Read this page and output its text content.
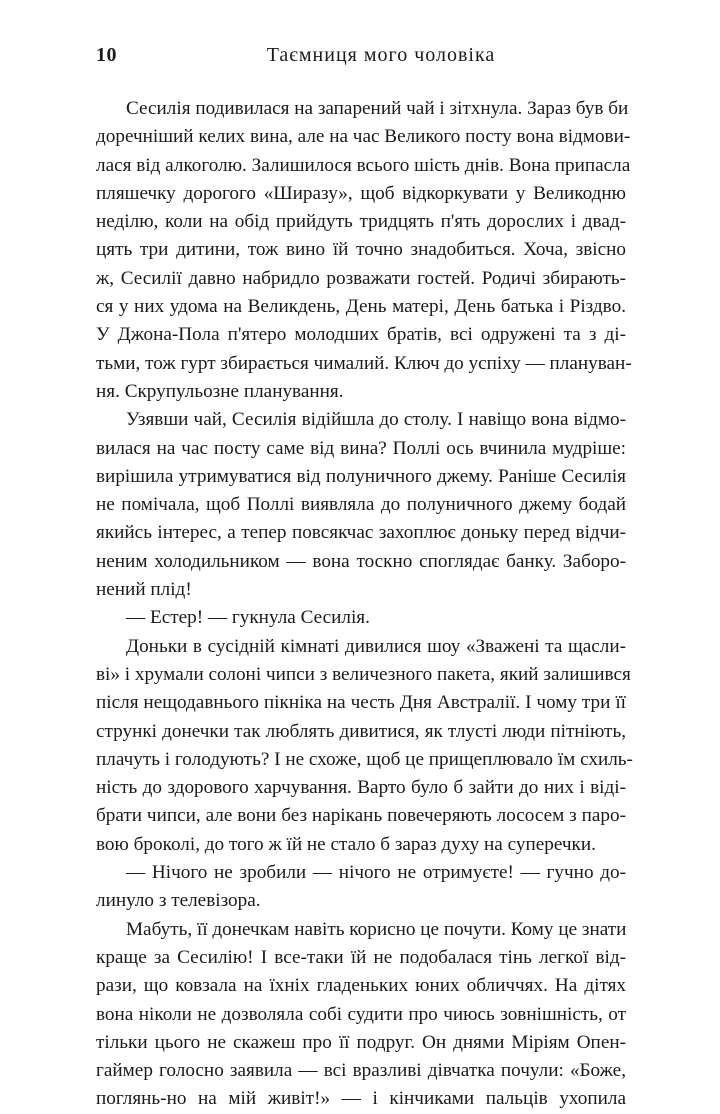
10	Таємниця мого чоловіка
Сесилія подивилася на запарений чай і зітхнула. Зараз був би
доречніший келих вина, але на час Великого посту вона відмови-
лася від алкоголю. Залишилося всього шість днів. Вона припасла
пляшечку дорогого «Ширазу», щоб відкоркувати у Великодню
неділю, коли на обід прийдуть тридцять п'ять дорослих і двад-
цять три дитини, тож вино їй точно знадобиться. Хоча, звісно
ж, Сесилії давно набридло розважати гостей. Родичі збирають-
ся у них удома на Великдень, День матері, День батька і Різдво.
У Джона-Пола п'ятеро молодших братів, всі одружені та з ді-
тьми, тож гурт збирається чималий. Ключ до успіху — плануван-
ня. Скрупульозне планування.
Узявши чай, Сесилія відійшла до столу. І навіщо вона відмо-
вилася на час посту саме від вина? Поллі ось вчинила мудріше:
вирішила утримуватися від полуничного джему. Раніше Сесилія
не помічала, щоб Поллі виявляла до полуничного джему бодай
якийсь інтерес, а тепер повсякчас захоплює доньку перед відчи-
неним холодильником — вона тоскно споглядає банку. Заборо-
нений плід!
— Естер! — гукнула Сесилія.
Доньки в сусідній кімнаті дивилися шоу «Зважені та щасли-
ві» і хрумали солоні чипси з величезного пакета, який залишився
після нещодавнього пікніка на честь Дня Австралії. І чому три її
стрункі донечки так люблять дивитися, як тлусті люди пітніють,
плачуть і голодують? І не схоже, щоб це прищеплювало їм схиль-
ність до здорового харчування. Варто було б зайти до них і віді-
брати чипси, але вони без нарікань повечеряють лососем з паро-
вою броколі, до того ж їй не стало б зараз духу на суперечки.
— Нічого не зробили — нічого не отримуєте! — гучно до-
линуло з телевізора.
Мабуть, її донечкам навіть корисно це почути. Кому це знати
краще за Сесилію! І все-таки їй не подобалася тінь легкої від-
рази, що ковзала на їхніх гладеньких юних обличчях. На дітях
вона ніколи не дозволяла собі судити про чиюсь зовнішність, от
тільки цього не скажеш про її подруг. Он днями Міріям Опен-
гаймер голосно заявила — всі вразливі дівчатка почули: «Боже,
поглянь-но на мій живіт!» — і кінчиками пальців ухопила
